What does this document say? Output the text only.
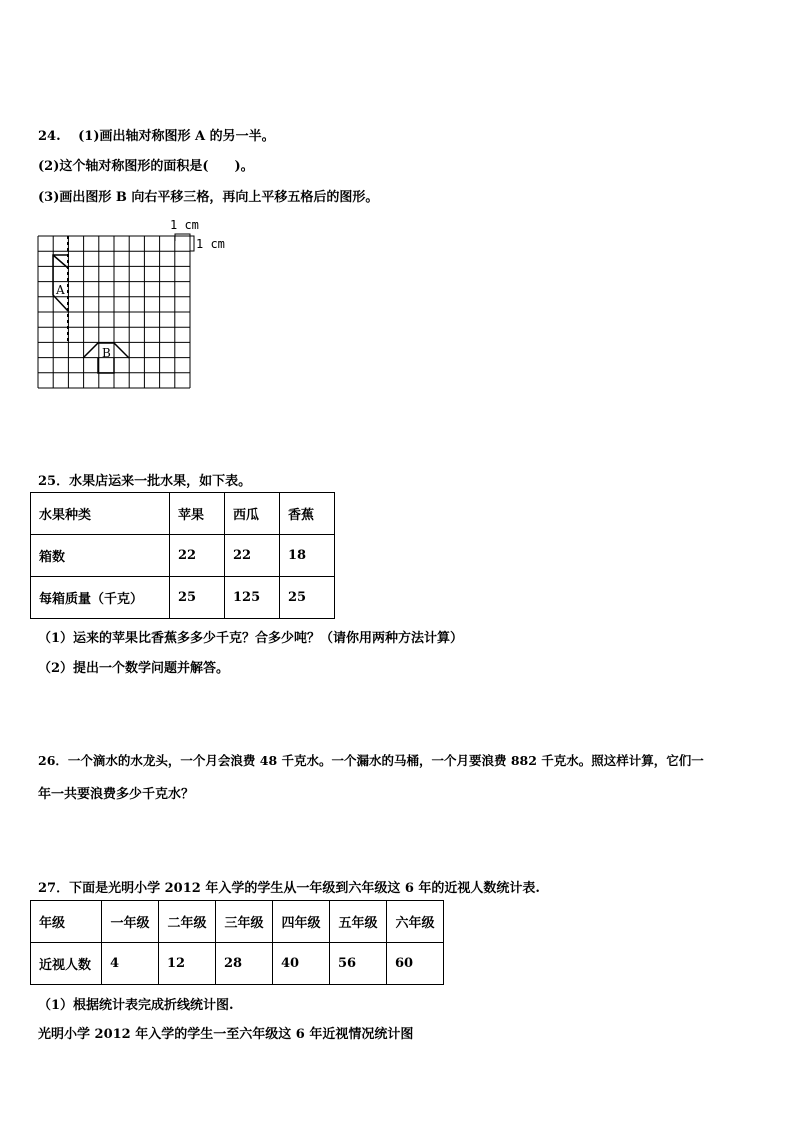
24.　 (1)画出轴对称图形 A 的另一半。
(2)这个轴对称图形的面积是(　　)。
(3)画出图形 B 向右平移三格，再向上平移五格后的图形。
A
B
1 cm
1 cm
25．水果店运来一批水果，如下表。
水果种类	苹果	西瓜	香蕉
箱数	22	22	18
每箱质量（千克）	25	125	25
（1）运来的苹果比香蕉多多少千克？合多少吨？（请你用两种方法计算）
（2）提出一个数学问题并解答。
26．一个滴水的水龙头，一个月会浪费 48 千克水。一个漏水的马桶，一个月要浪费 882 千克水。照这样计算，它们一
年一共要浪费多少千克水？
27．下面是光明小学 2012 年入学的学生从一年级到六年级这 6 年的近视人数统计表.
年级	一年级	二年级	三年级	四年级	五年级	六年级
近视人数	4	12	28	40	56	60
（1）根据统计表完成折线统计图.
光明小学 2012 年入学的学生一至六年级这 6 年近视情况统计图
